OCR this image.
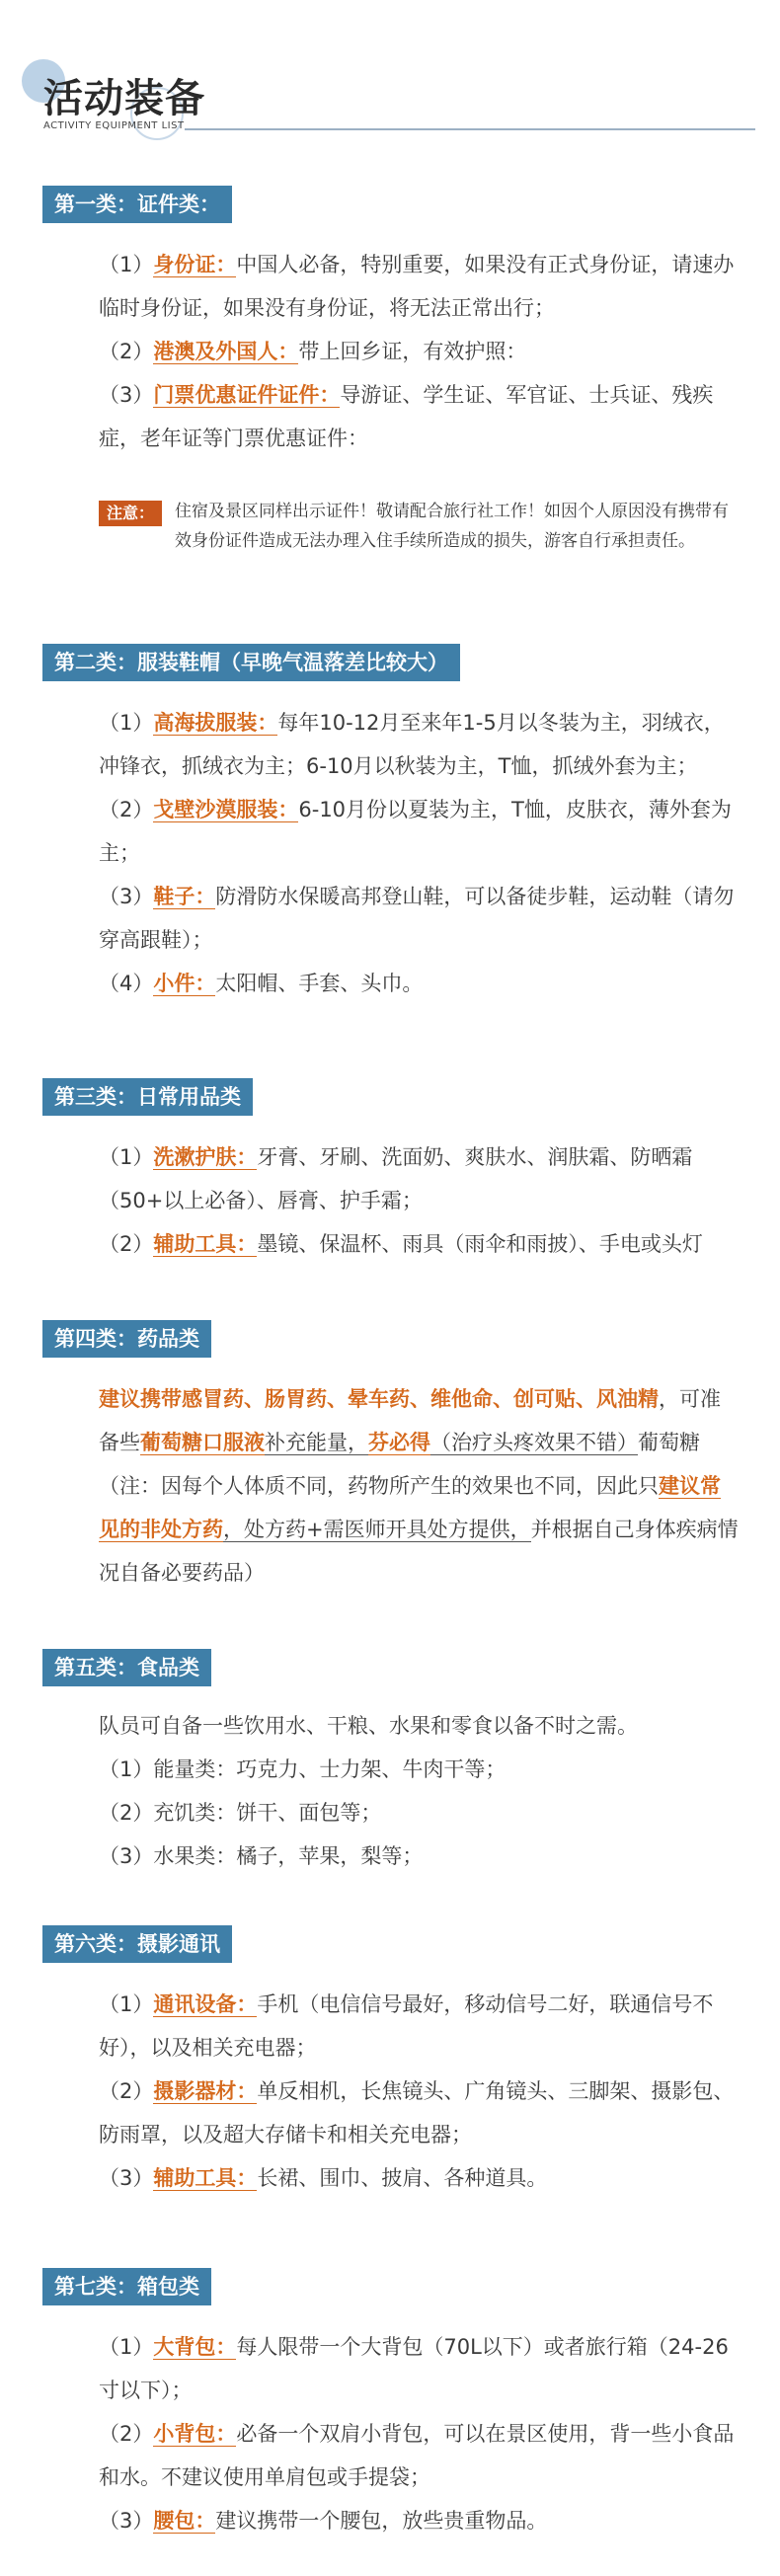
活动装备
ACTIVITY EQUIPMENT LIST
第一类：证件类：

（1）身份证：中国人必备，特别重要，如果没有正式身份证，请速办临时身份证，如果没有身份证，将无法正常出行；

（2）港澳及外国人：带上回乡证，有效护照：

（3）门票优惠证件证件：导游证、学生证、军官证、士兵证、残疾症，老年证等门票优惠证件：

注意： 住宿及景区同样出示证件！敬请配合旅行社工作！如因个人原因没有携带有效身份证件造成无法办理入住手续所造成的损失，游客自行承担责任。
第二类：服装鞋帽（早晚气温落差比较大）

（1）高海拔服装：每年10-12月至来年1-5月以冬装为主，羽绒衣，冲锋衣，抓绒衣为主；6-10月以秋装为主，T恤，抓绒外套为主；

（2）戈壁沙漠服装：6-10月份以夏装为主，T恤，皮肤衣，薄外套为主；

（3）鞋子：防滑防水保暖高邦登山鞋，可以备徒步鞋，运动鞋（请勿穿高跟鞋）；

（4）小件：太阳帽、手套、头巾。

第三类：日常用品类

（1）洗漱护肤：牙膏、牙刷、洗面奶、爽肤水、润肤霜、防晒霜（50+以上必备）、唇膏、护手霜；

（2）辅助工具：墨镜、保温杯、雨具（雨伞和雨披）、手电或头灯

第四类：药品类

建议携带感冒药、肠胃药、晕车药、维他命、创可贴、风油精，可准备些葡萄糖口服液补充能量，芬必得（治疗头疼效果不错）葡萄糖（注：因每个人体质不同，药物所产生的效果也不同，因此只建议常见的非处方药，处方药+需医师开具处方提供，并根据自己身体疾病情况自备必要药品）

第五类：食品类

队员可自备一些饮用水、干粮、水果和零食以备不时之需。

（1）能量类：巧克力、士力架、牛肉干等；

（2）充饥类：饼干、面包等；

（3）水果类：橘子，苹果，梨等；

第六类：摄影通讯

（1）通讯设备：手机（电信信号最好，移动信号二好，联通信号不好），以及相关充电器；

（2）摄影器材：单反相机，长焦镜头、广角镜头、三脚架、摄影包、防雨罩，以及超大存储卡和相关充电器；

（3）辅助工具：长裙、围巾、披肩、各种道具。

第七类：箱包类

（1）大背包：每人限带一个大背包（70L以下）或者旅行箱（24-26寸以下）；

（2）小背包：必备一个双肩小背包，可以在景区使用，背一些小食品和水。不建议使用单肩包或手提袋；

（3）腰包：建议携带一个腰包，放些贵重物品。
